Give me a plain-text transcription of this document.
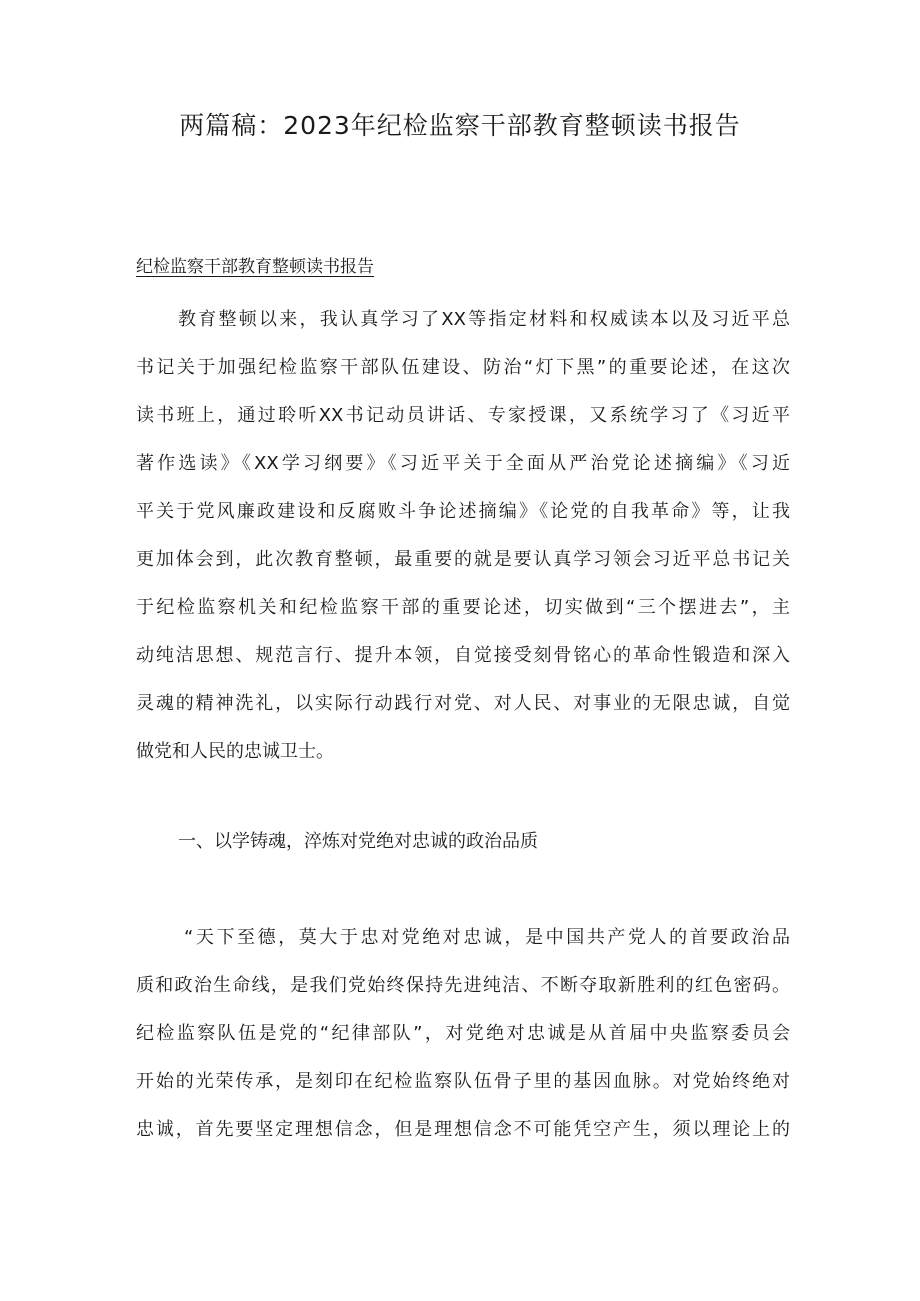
两篇稿：2023年纪检监察干部教育整顿读书报告
纪检监察干部教育整顿读书报告
教育整顿以来，我认真学习了XX等指定材料和权威读本以及习近平总
书记关于加强纪检监察干部队伍建设、防治“灯下黑”的重要论述，在这次
读书班上，通过聆听XX书记动员讲话、专家授课，又系统学习了《习近平
著作选读》《XX学习纲要》《习近平关于全面从严治党论述摘编》《习近
平关于党风廉政建设和反腐败斗争论述摘编》《论党的自我革命》等，让我
更加体会到，此次教育整顿，最重要的就是要认真学习领会习近平总书记关
于纪检监察机关和纪检监察干部的重要论述，切实做到“三个摆进去”，主
动纯洁思想、规范言行、提升本领，自觉接受刻骨铭心的革命性锻造和深入
灵魂的精神洗礼，以实际行动践行对党、对人民、对事业的无限忠诚，自觉
做党和人民的忠诚卫士。
一、以学铸魂，淬炼对党绝对忠诚的政治品质
“天下至德，莫大于忠对党绝对忠诚，是中国共产党人的首要政治品
质和政治生命线，是我们党始终保持先进纯洁、不断夺取新胜利的红色密码。
纪检监察队伍是党的“纪律部队”，对党绝对忠诚是从首届中央监察委员会
开始的光荣传承，是刻印在纪检监察队伍骨子里的基因血脉。对党始终绝对
忠诚，首先要坚定理想信念，但是理想信念不可能凭空产生，须以理论上的
